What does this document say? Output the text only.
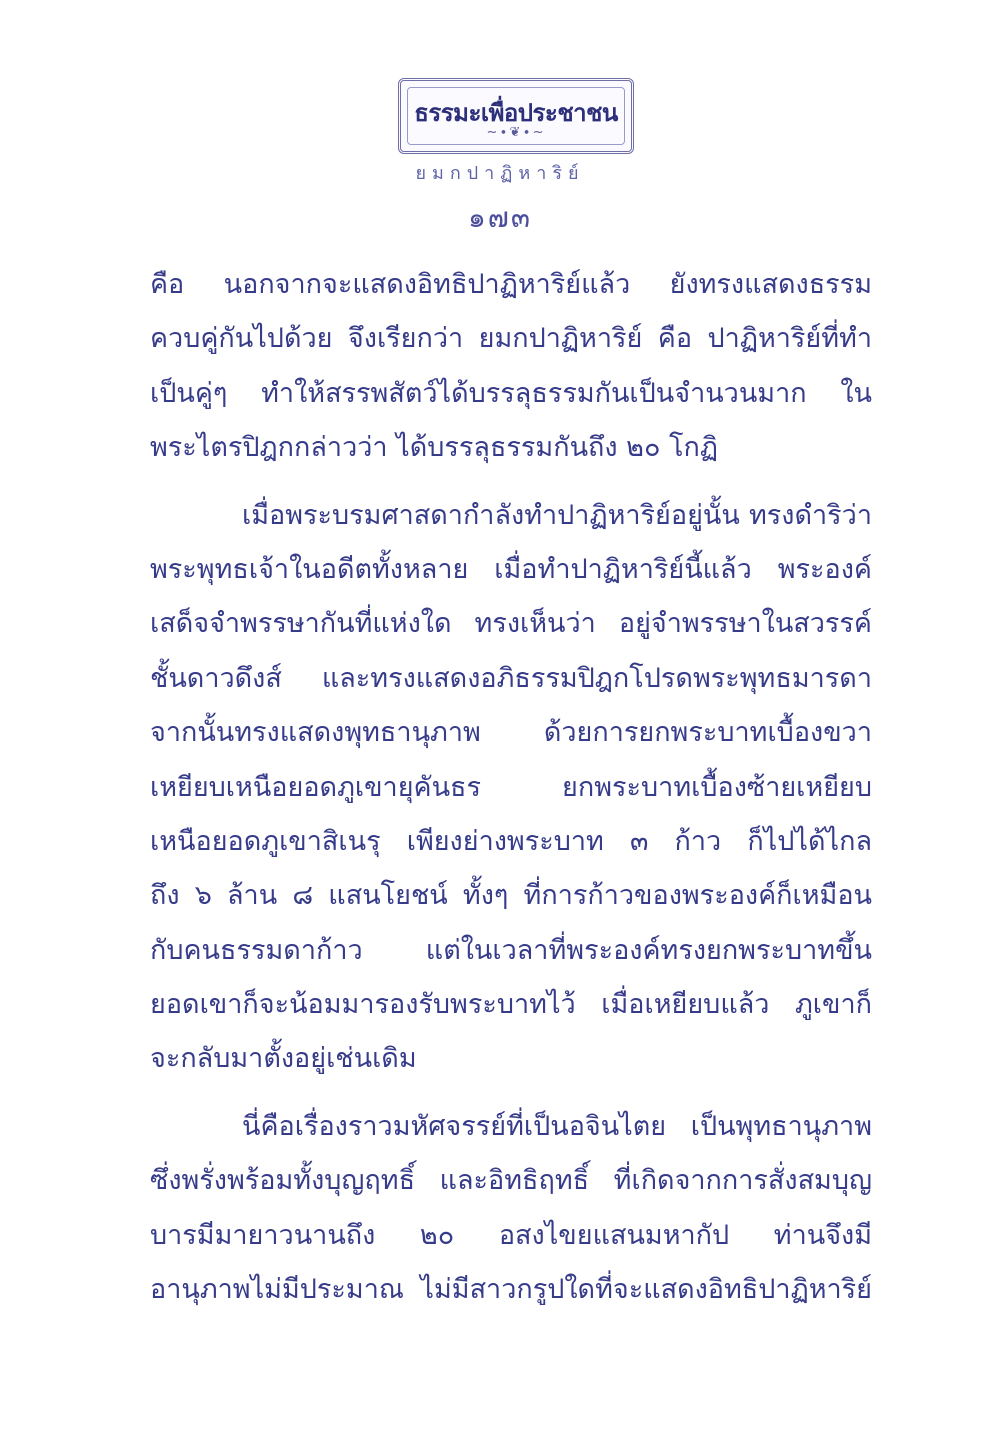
ธรรมะเพื่อประชาชน
~∙❦∙~
ยมกปาฏิหาริย์
๑๗๓
คือ นอกจากจะแสดงอิทธิปาฏิหาริย์แล้ว ยังทรงแสดงธรรม
ควบคู่กันไปด้วย จึงเรียกว่า ยมกปาฏิหาริย์ คือ ปาฏิหาริย์ที่ทำ
เป็นคู่ๆ ทำให้สรรพสัตว์ได้บรรลุธรรมกันเป็นจำนวนมาก ใน
พระไตรปิฎกกล่าวว่า ได้บรรลุธรรมกันถึง ๒๐ โกฏิ
เมื่อพระบรมศาสดากำลังทำปาฏิหาริย์อยู่นั้น ทรงดำริว่า
พระพุทธเจ้าในอดีตทั้งหลาย เมื่อทำปาฏิหาริย์นี้แล้ว พระองค์
เสด็จจำพรรษากันที่แห่งใด ทรงเห็นว่า อยู่จำพรรษาในสวรรค์
ชั้นดาวดึงส์ และทรงแสดงอภิธรรมปิฎกโปรดพระพุทธมารดา
จากนั้นทรงแสดงพุทธานุภาพ ด้วยการยกพระบาทเบื้องขวา
เหยียบเหนือยอดภูเขายุคันธร ยกพระบาทเบื้องซ้ายเหยียบ
เหนือยอดภูเขาสิเนรุ เพียงย่างพระบาท ๓ ก้าว ก็ไปได้ไกล
ถึง ๖ ล้าน ๘ แสนโยชน์ ทั้งๆ ที่การก้าวของพระองค์ก็เหมือน
กับคนธรรมดาก้าว แต่ในเวลาที่พระองค์ทรงยกพระบาทขึ้น
ยอดเขาก็จะน้อมมารองรับพระบาทไว้ เมื่อเหยียบแล้ว ภูเขาก็
จะกลับมาตั้งอยู่เช่นเดิม
นี่คือเรื่องราวมหัศจรรย์ที่เป็นอจินไตย เป็นพุทธานุภาพ
ซึ่งพรั่งพร้อมทั้งบุญฤทธิ์ และอิทธิฤทธิ์ ที่เกิดจากการสั่งสมบุญ
บารมีมายาวนานถึง ๒๐ อสงไขยแสนมหากัป ท่านจึงมี
อานุภาพไม่มีประมาณ ไม่มีสาวกรูปใดที่จะแสดงอิทธิปาฏิหาริย์
